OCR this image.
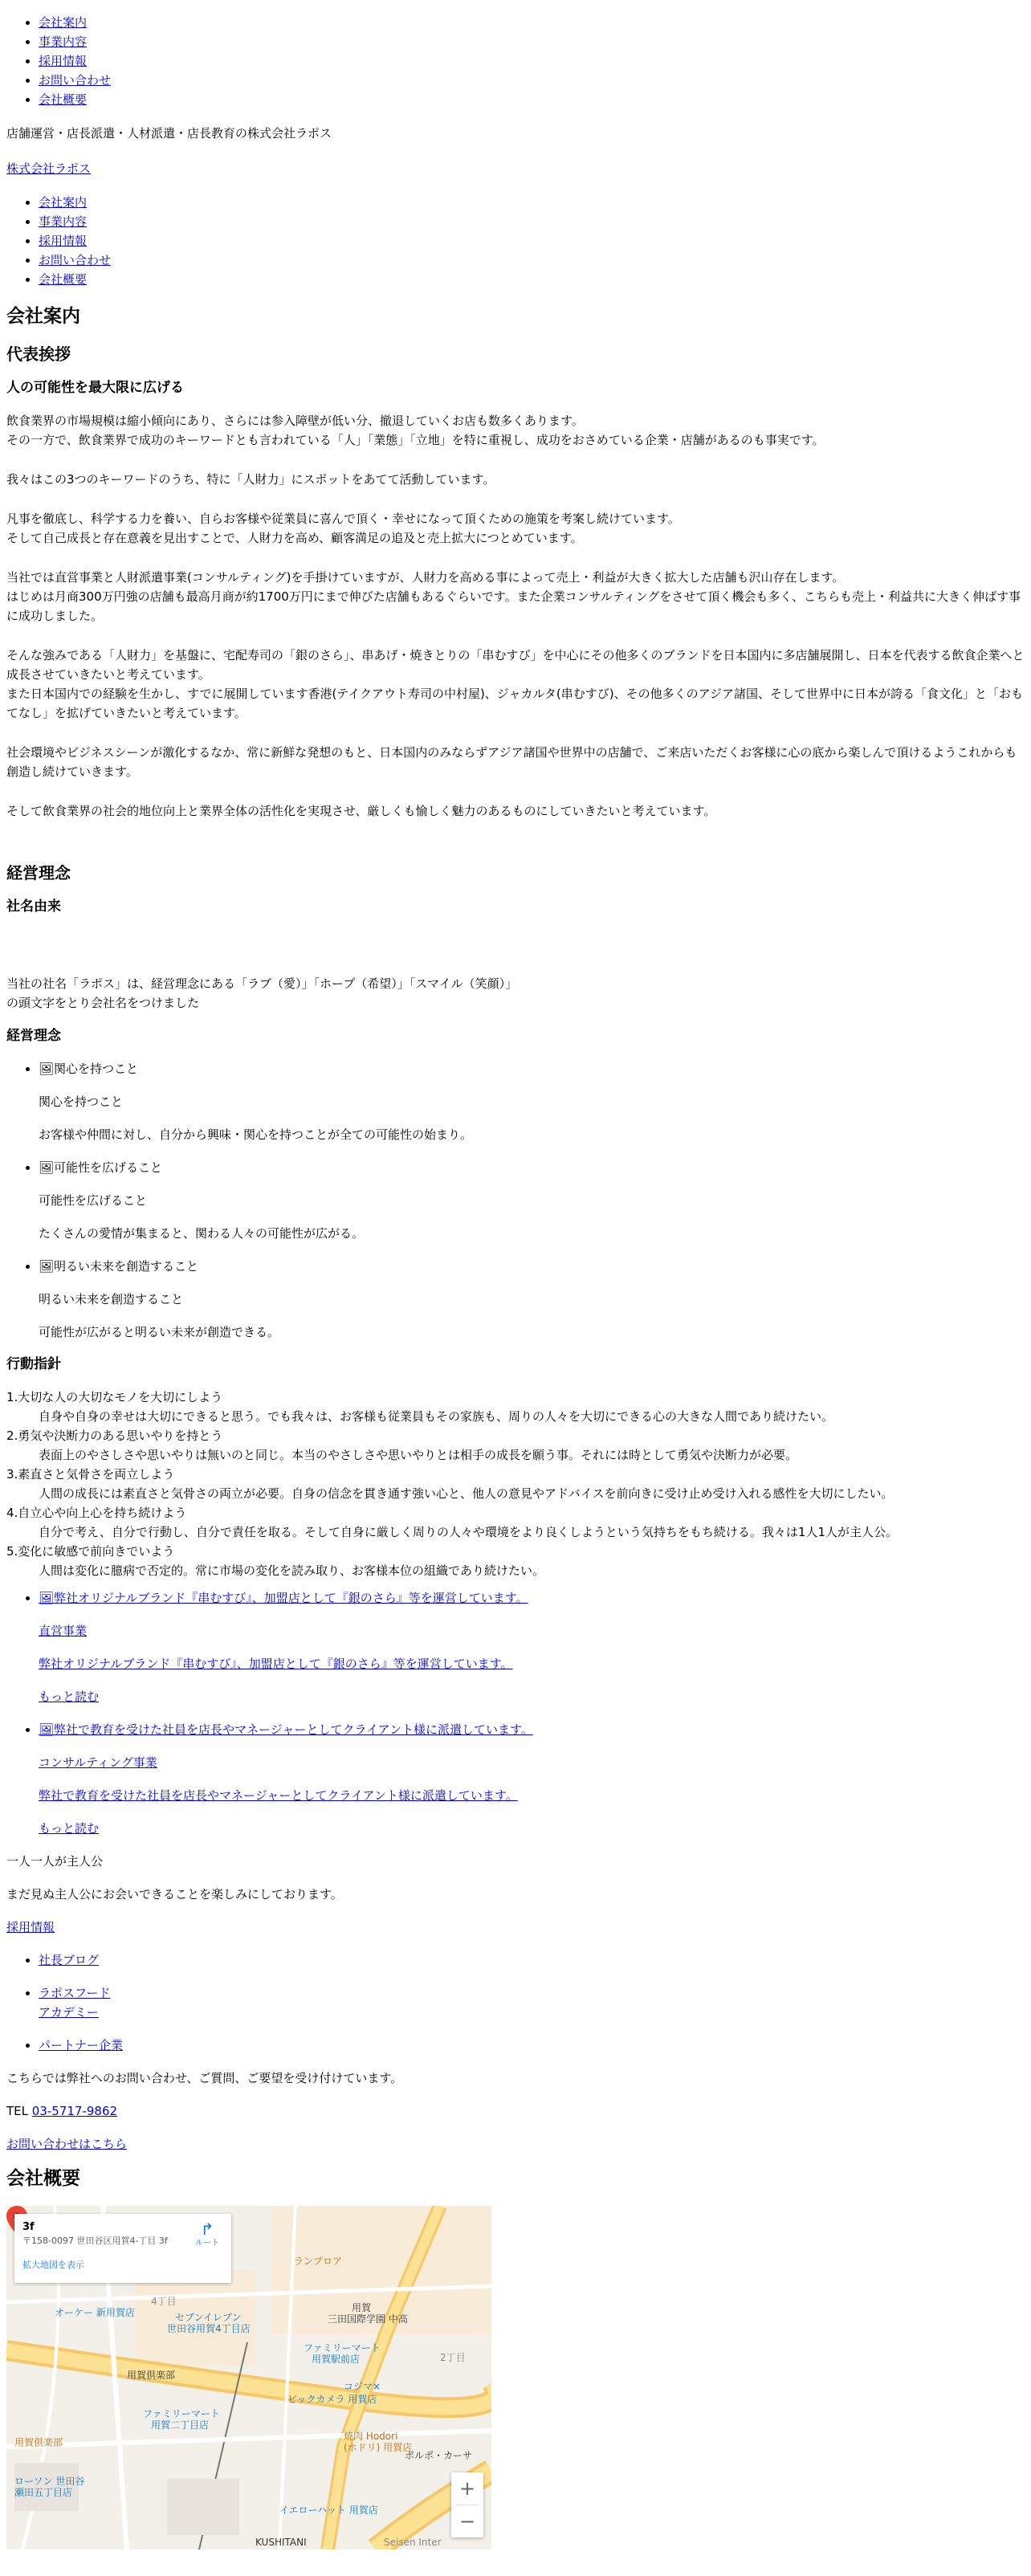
• 会社案内
• 事業内容
• 採用情報
• お問い合わせ
• 会社概要

店舗運営・店長派遣・人材派遣・店長教育の株式会社ラポス

株式会社ラポス

• 会社案内
• 事業内容
• 採用情報
• お問い合わせ
• 会社概要
会社案内
代表挨拶
人の可能性を最大限に広げる

飲食業界の市場規模は縮小傾向にあり、さらには参入障壁が低い分、撤退していくお店も数多くあります。
その一方で、飲食業界で成功のキーワードとも言われている「人」「業態」「立地」を特に重視し、成功をおさめている企業・店舗があるのも事実です。

我々はこの3つのキーワードのうち、特に「人財力」にスポットをあてて活動しています。

凡事を徹底し、科学する力を養い、自らお客様や従業員に喜んで頂く・幸せになって頂くための施策を考案し続けています。
そして自己成長と存在意義を見出すことで、人財力を高め、顧客満足の追及と売上拡大につとめています。

当社では直営事業と人財派遣事業(コンサルティング)を手掛けていますが、人財力を高める事によって売上・利益が大きく拡大した店舗も沢山存在します。
はじめは月商300万円強の店舗も最高月商が約1700万円にまで伸びた店舗もあるぐらいです。また企業コンサルティングをさせて頂く機会も多く、こちらも売上・利益共に大きく伸ばす事に成功しました。

そんな強みである「人財力」を基盤に、宅配寿司の「銀のさら」、串あげ・焼きとりの「串むすび」を中心にその他多くのブランドを日本国内に多店舗展開し、日本を代表する飲食企業へと成長させていきたいと考えています。
また日本国内での経験を生かし、すでに展開しています香港(テイクアウト寿司の中村屋)、ジャカルタ(串むすび)、その他多くのアジア諸国、そして世界中に日本が誇る「食文化」と「おもてなし」を拡げていきたいと考えています。

社会環境やビジネスシーンが激化するなか、常に新鮮な発想のもと、日本国内のみならずアジア諸国や世界中の店舗で、ご来店いただくお客様に心の底から楽しんで頂けるようこれからも創造し続けていきます。

そして飲食業界の社会的地位向上と業界全体の活性化を実現させ、厳しくも愉しく魅力のあるものにしていきたいと考えています。

経営理念
社名由来

当社の社名「ラポス」は、経営理念にある「ラブ（愛）」「ホープ（希望）」「スマイル（笑顔）」
の頭文字をとり会社名をつけました

経営理念
• 🖼︎関心を持つこと

関心を持つこと

お客様や仲間に対し、自分から興味・関心を持つことが全ての可能性の始まり。

• 🖼︎可能性を広げること

可能性を広げること

たくさんの愛情が集まると、関わる人々の可能性が広がる。

• 🖼︎明るい未来を創造すること

明るい未来を創造すること

可能性が広がると明るい未来が創造できる。

行動指針
1.大切な人の大切なモノを大切にしよう
自身や自身の幸せは大切にできると思う。でも我々は、お客様も従業員もその家族も、周りの人々を大切にできる心の大きな人間であり続けたい。
2.勇気や決断力のある思いやりを持とう
表面上のやさしさや思いやりは無いのと同じ。本当のやさしさや思いやりとは相手の成長を願う事。それには時として勇気や決断力が必要。
3.素直さと気骨さを両立しよう
人間の成長には素直さと気骨さの両立が必要。自身の信念を貫き通す強い心と、他人の意見やアドバイスを前向きに受け止め受け入れる感性を大切にしたい。
4.自立心や向上心を持ち続けよう
自分で考え、自分で行動し、自分で責任を取る。そして自身に厳しく周りの人々や環境をより良くしようという気持ちをもち続ける。我々は1人1人が主人公。
5.変化に敏感で前向きでいよう
人間は変化に臆病で否定的。常に市場の変化を読み取り、お客様本位の組織であり続けたい。
• 🖼︎弊社オリジナルブランド『串むすび』、加盟店として『銀のさら』等を運営しています。

直営事業

弊社オリジナルブランド『串むすび』、加盟店として『銀のさら』等を運営しています。

もっと読む

• 🖼︎弊社で教育を受けた社員を店長やマネージャーとしてクライアント様に派遣しています。

コンサルティング事業

弊社で教育を受けた社員を店長やマネージャーとしてクライアント様に派遣しています。

もっと読む

一人一人が主人公

まだ見ぬ主人公にお会いできることを楽しみにしております。

採用情報

• 社長ブログ
• ラポスフード
アカデミー
• パートナー企業

こちらでは弊社へのお問い合わせ、ご質問、ご要望を受け付けています。

TEL 03-5717-9862

お問い合わせはこちら

会社概要
ランプロア
用賀
三田国際学園 中高
オーケー 新用賀店
4丁目
セブンイレブン
世田谷用賀4丁目店
ファミリーマート
用賀駅前店	2丁目
用賀倶楽部
コジマ×
ビックカメラ 用賀店
ファミリーマート
用賀二丁目店
用賀倶楽部
焼肉 Hodori
(ホドリ) 用賀店
ローソン 世田谷
瀬田五丁目店
ポルポ・カーサ
イエローハット 用賀店
KUSHITANI	Seisen Inter
3f
〒158-0097 世田谷区用賀4-丁目 3f
拡大地図を表示
↱
ルート
+
−
